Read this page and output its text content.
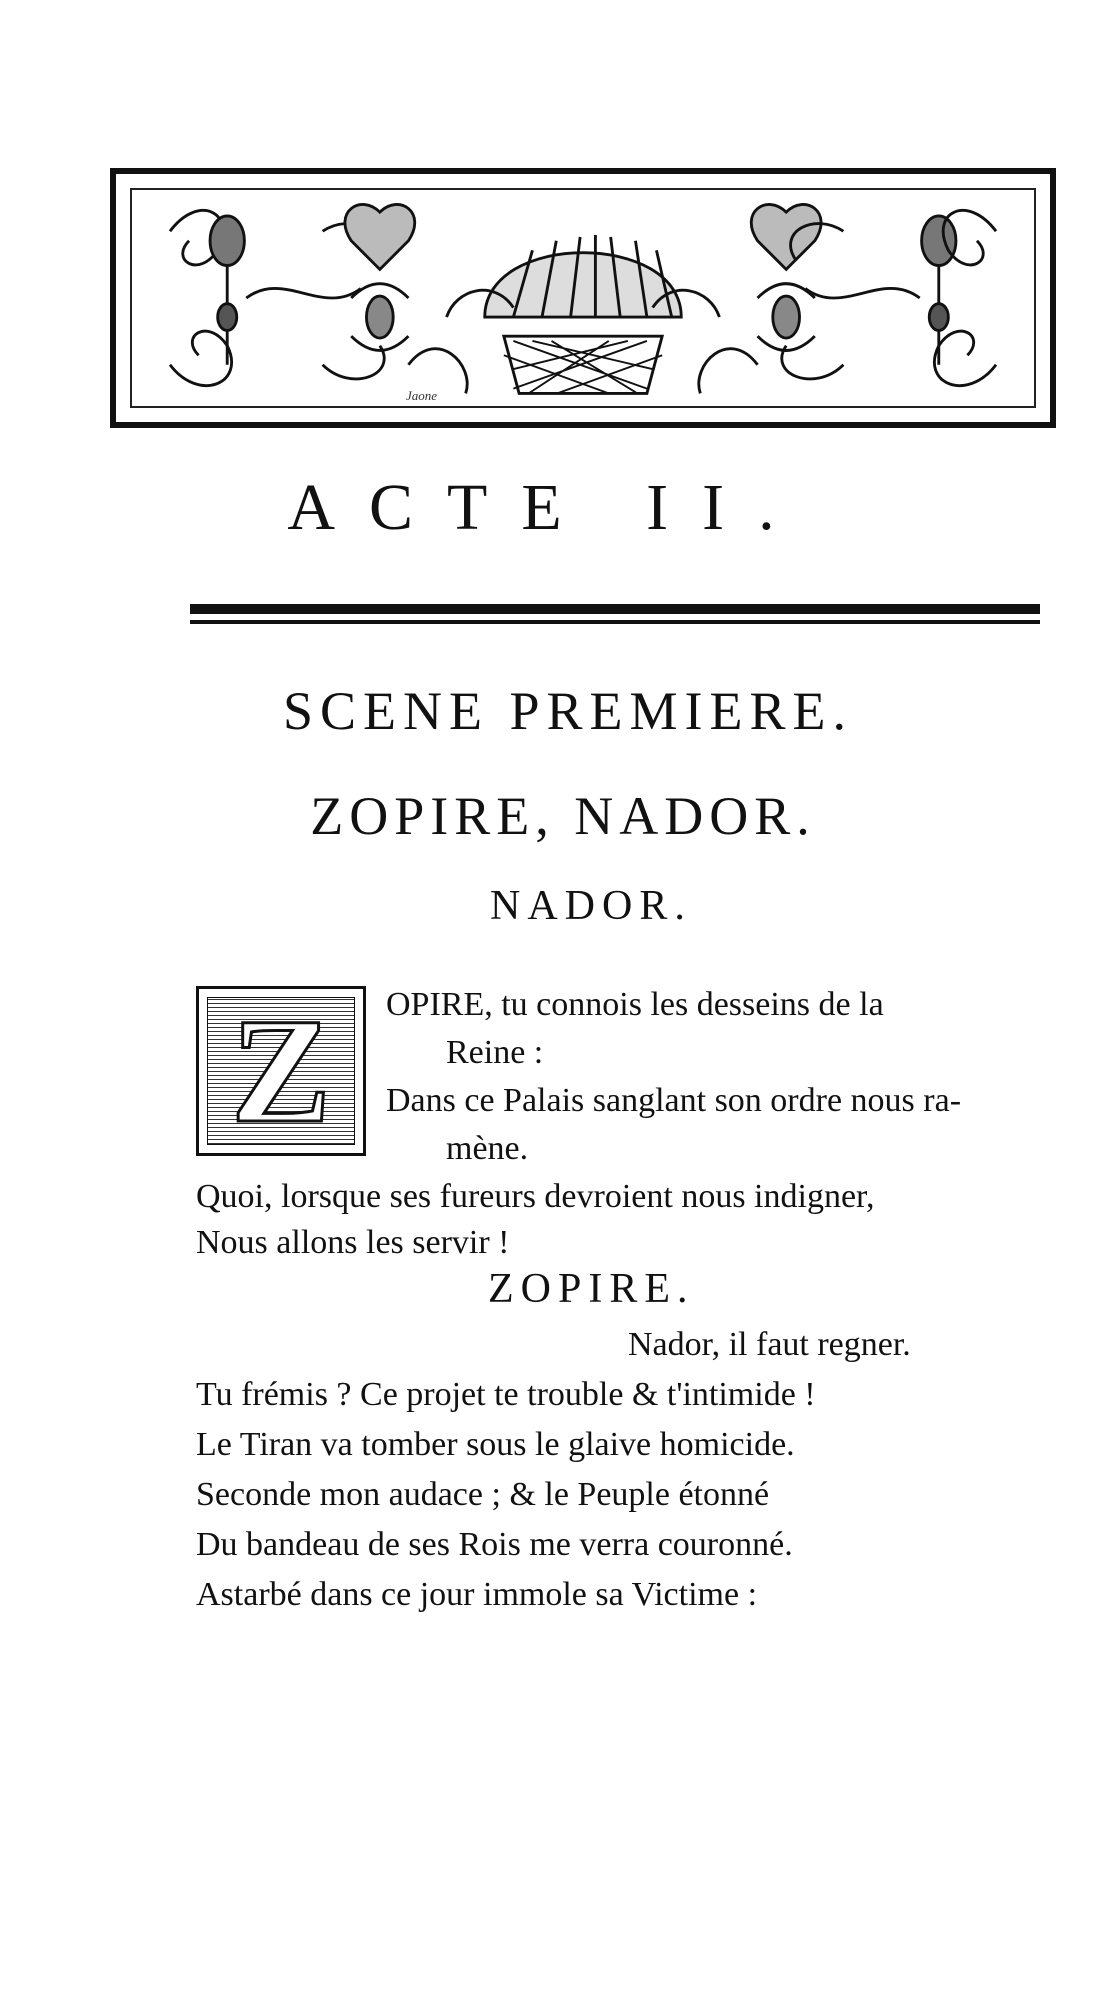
Jaone
ACTE II.
SCENE PREMIERE.
ZOPIRE, NADOR.
NADOR.
Z	OPIRE, tu connois les desseins de la
Reine :
Dans ce Palais sanglant son ordre nous ra-
mène.
Quoi, lorsque ses fureurs devroient nous indigner,
Nous allons les servir !
ZOPIRE.
Nador, il faut regner.
Tu frémis ? Ce projet te trouble & t'intimide !
Le Tiran va tomber sous le glaive homicide.
Seconde mon audace ; & le Peuple étonné
Du bandeau de ses Rois me verra couronné.
Astarbé dans ce jour immole sa Victime :
